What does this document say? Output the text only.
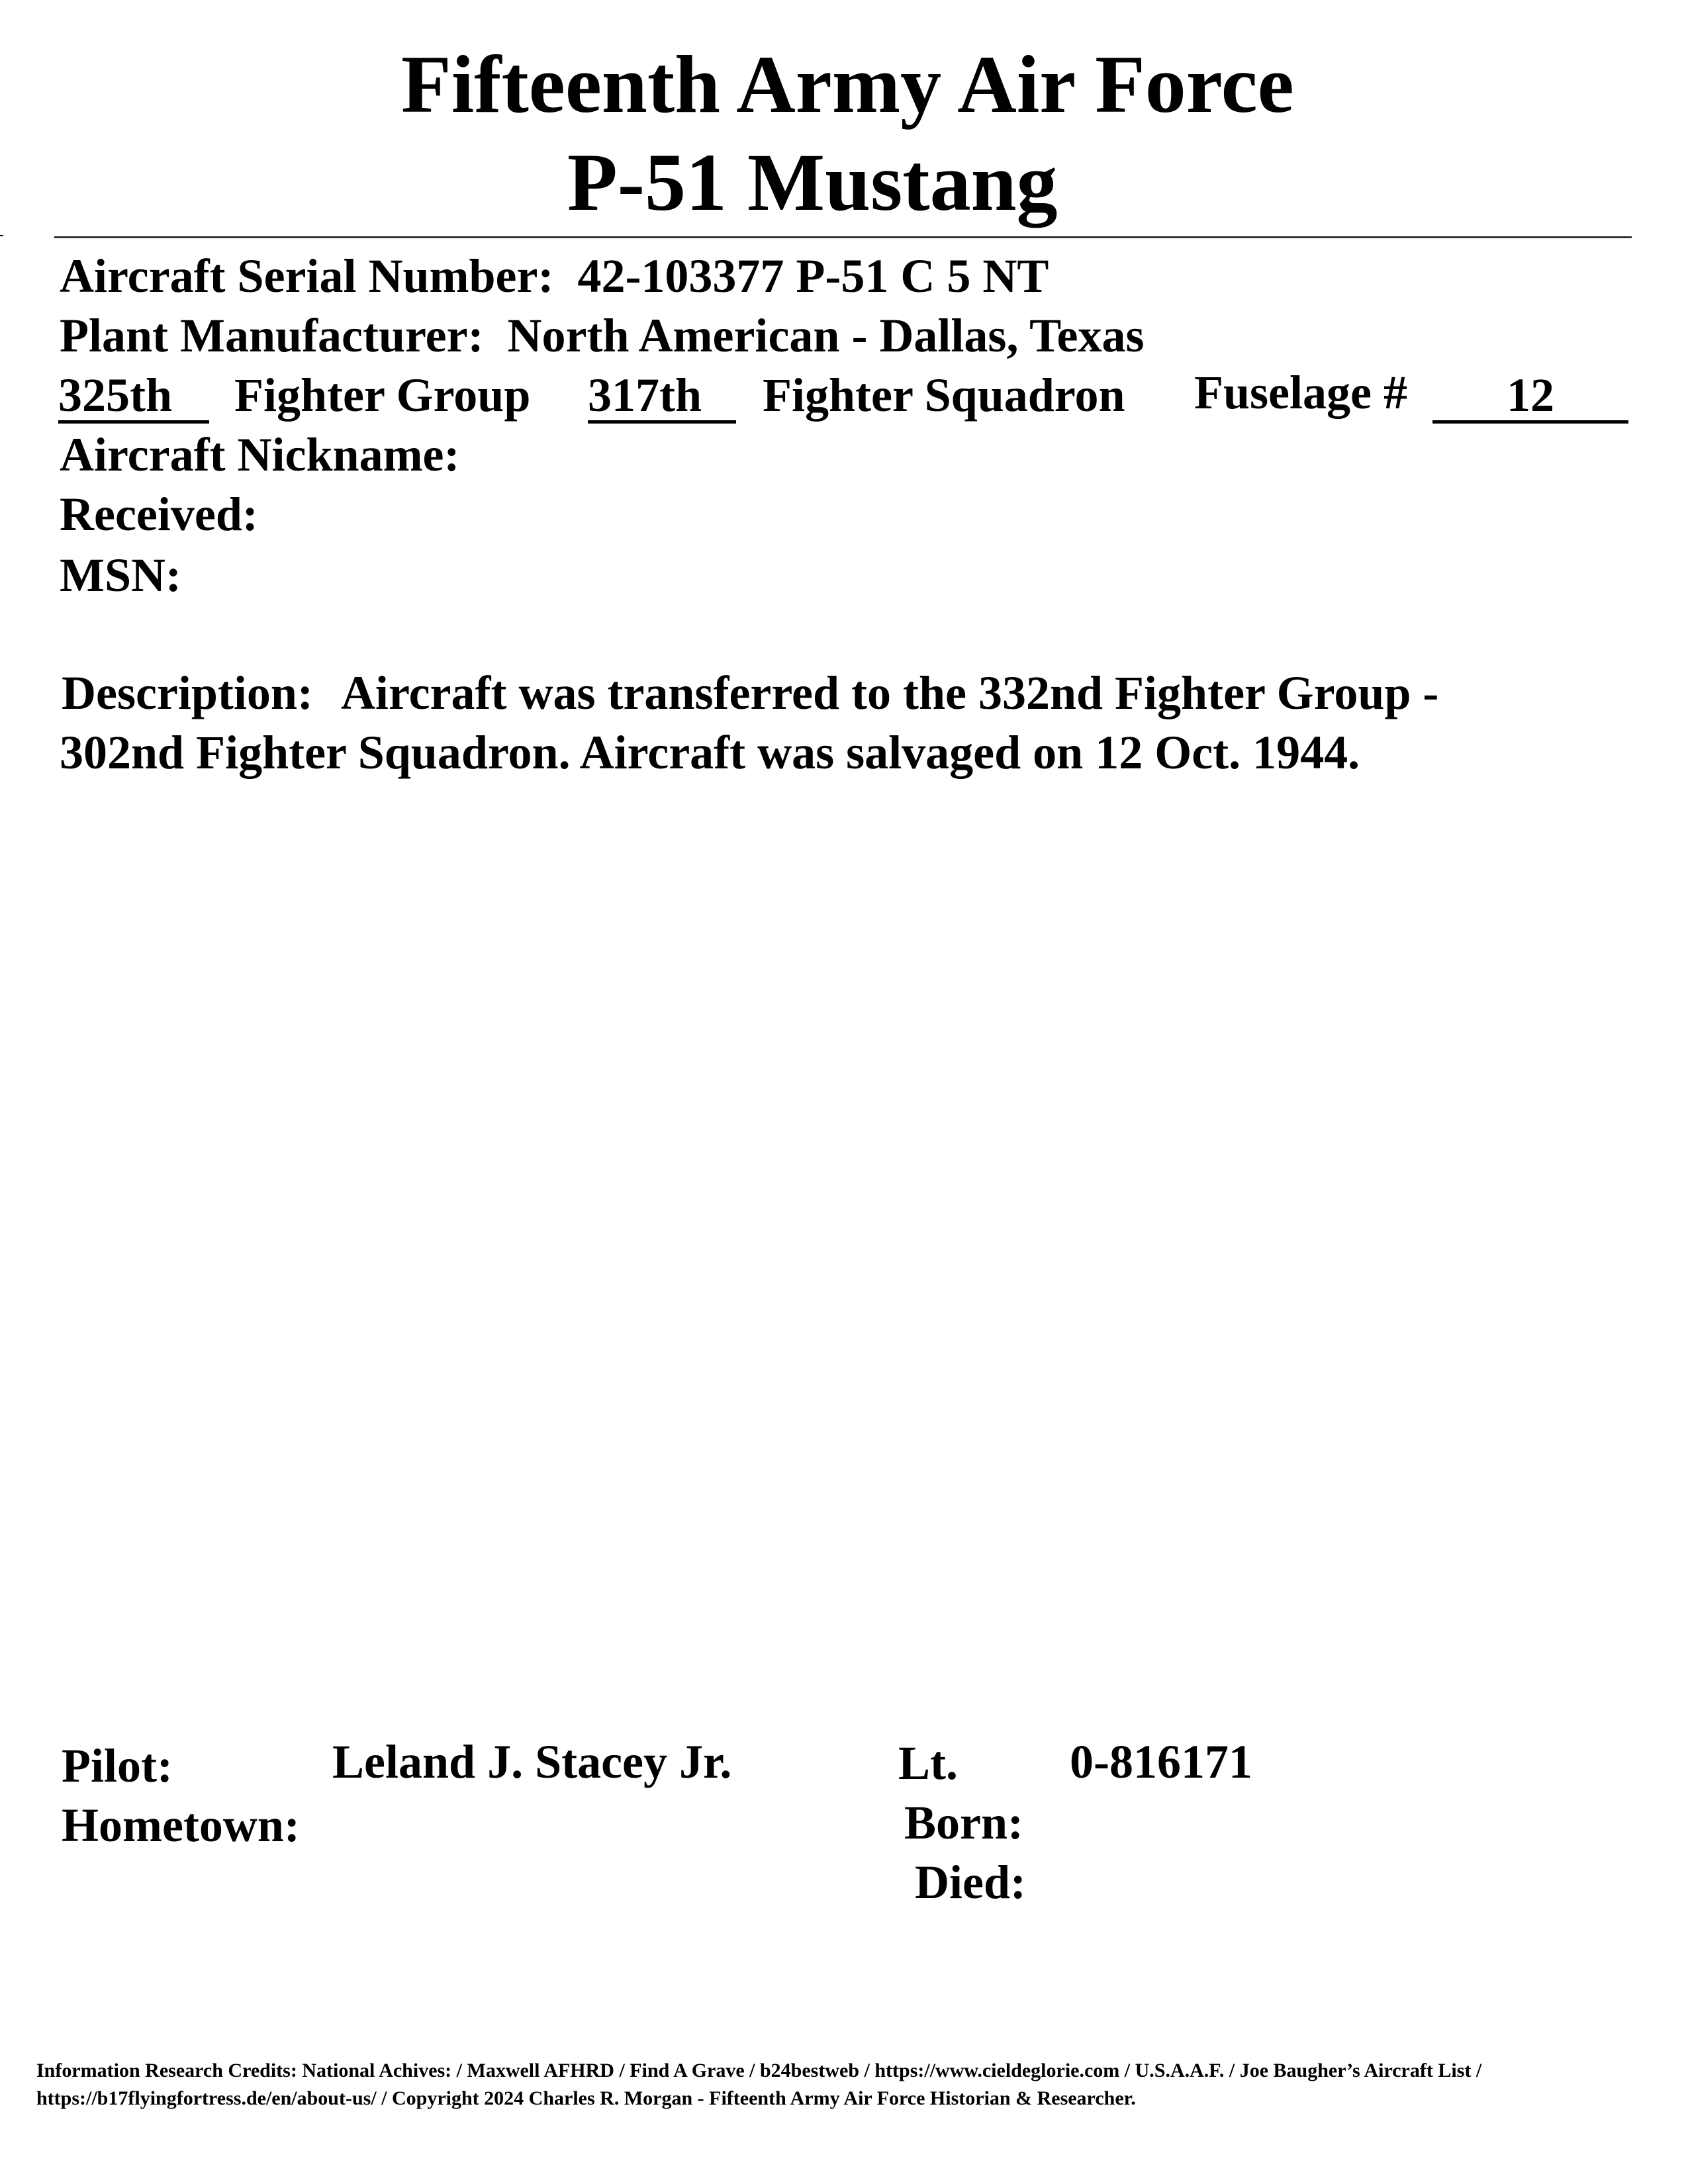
Fifteenth Army Air Force
P-51 Mustang
Aircraft Serial Number: 42-103377 P-51 C 5 NT
Plant Manufacturer: North American - Dallas, Texas
325th	Fighter Group 317th	Fighter Squadron Fuselage #	12
Aircraft Nickname:
Received:
MSN:
Description: Aircraft was transferred to the 332nd Fighter Group -
302nd Fighter Squadron. Aircraft was salvaged on 12 Oct. 1944.
Pilot:	Leland J. Stacey Jr.	Lt. 0-816171
Hometown:	Born:
Died:
Information Research Credits: National Achives: / Maxwell AFHRD / Find A Grave / b24bestweb / https://www.cieldeglorie.com / U.S.A.A.F. / Joe Baugher’s Aircraft List /
https://b17flyingfortress.de/en/about-us/ / Copyright 2024 Charles R. Morgan - Fifteenth Army Air Force Historian & Researcher.
